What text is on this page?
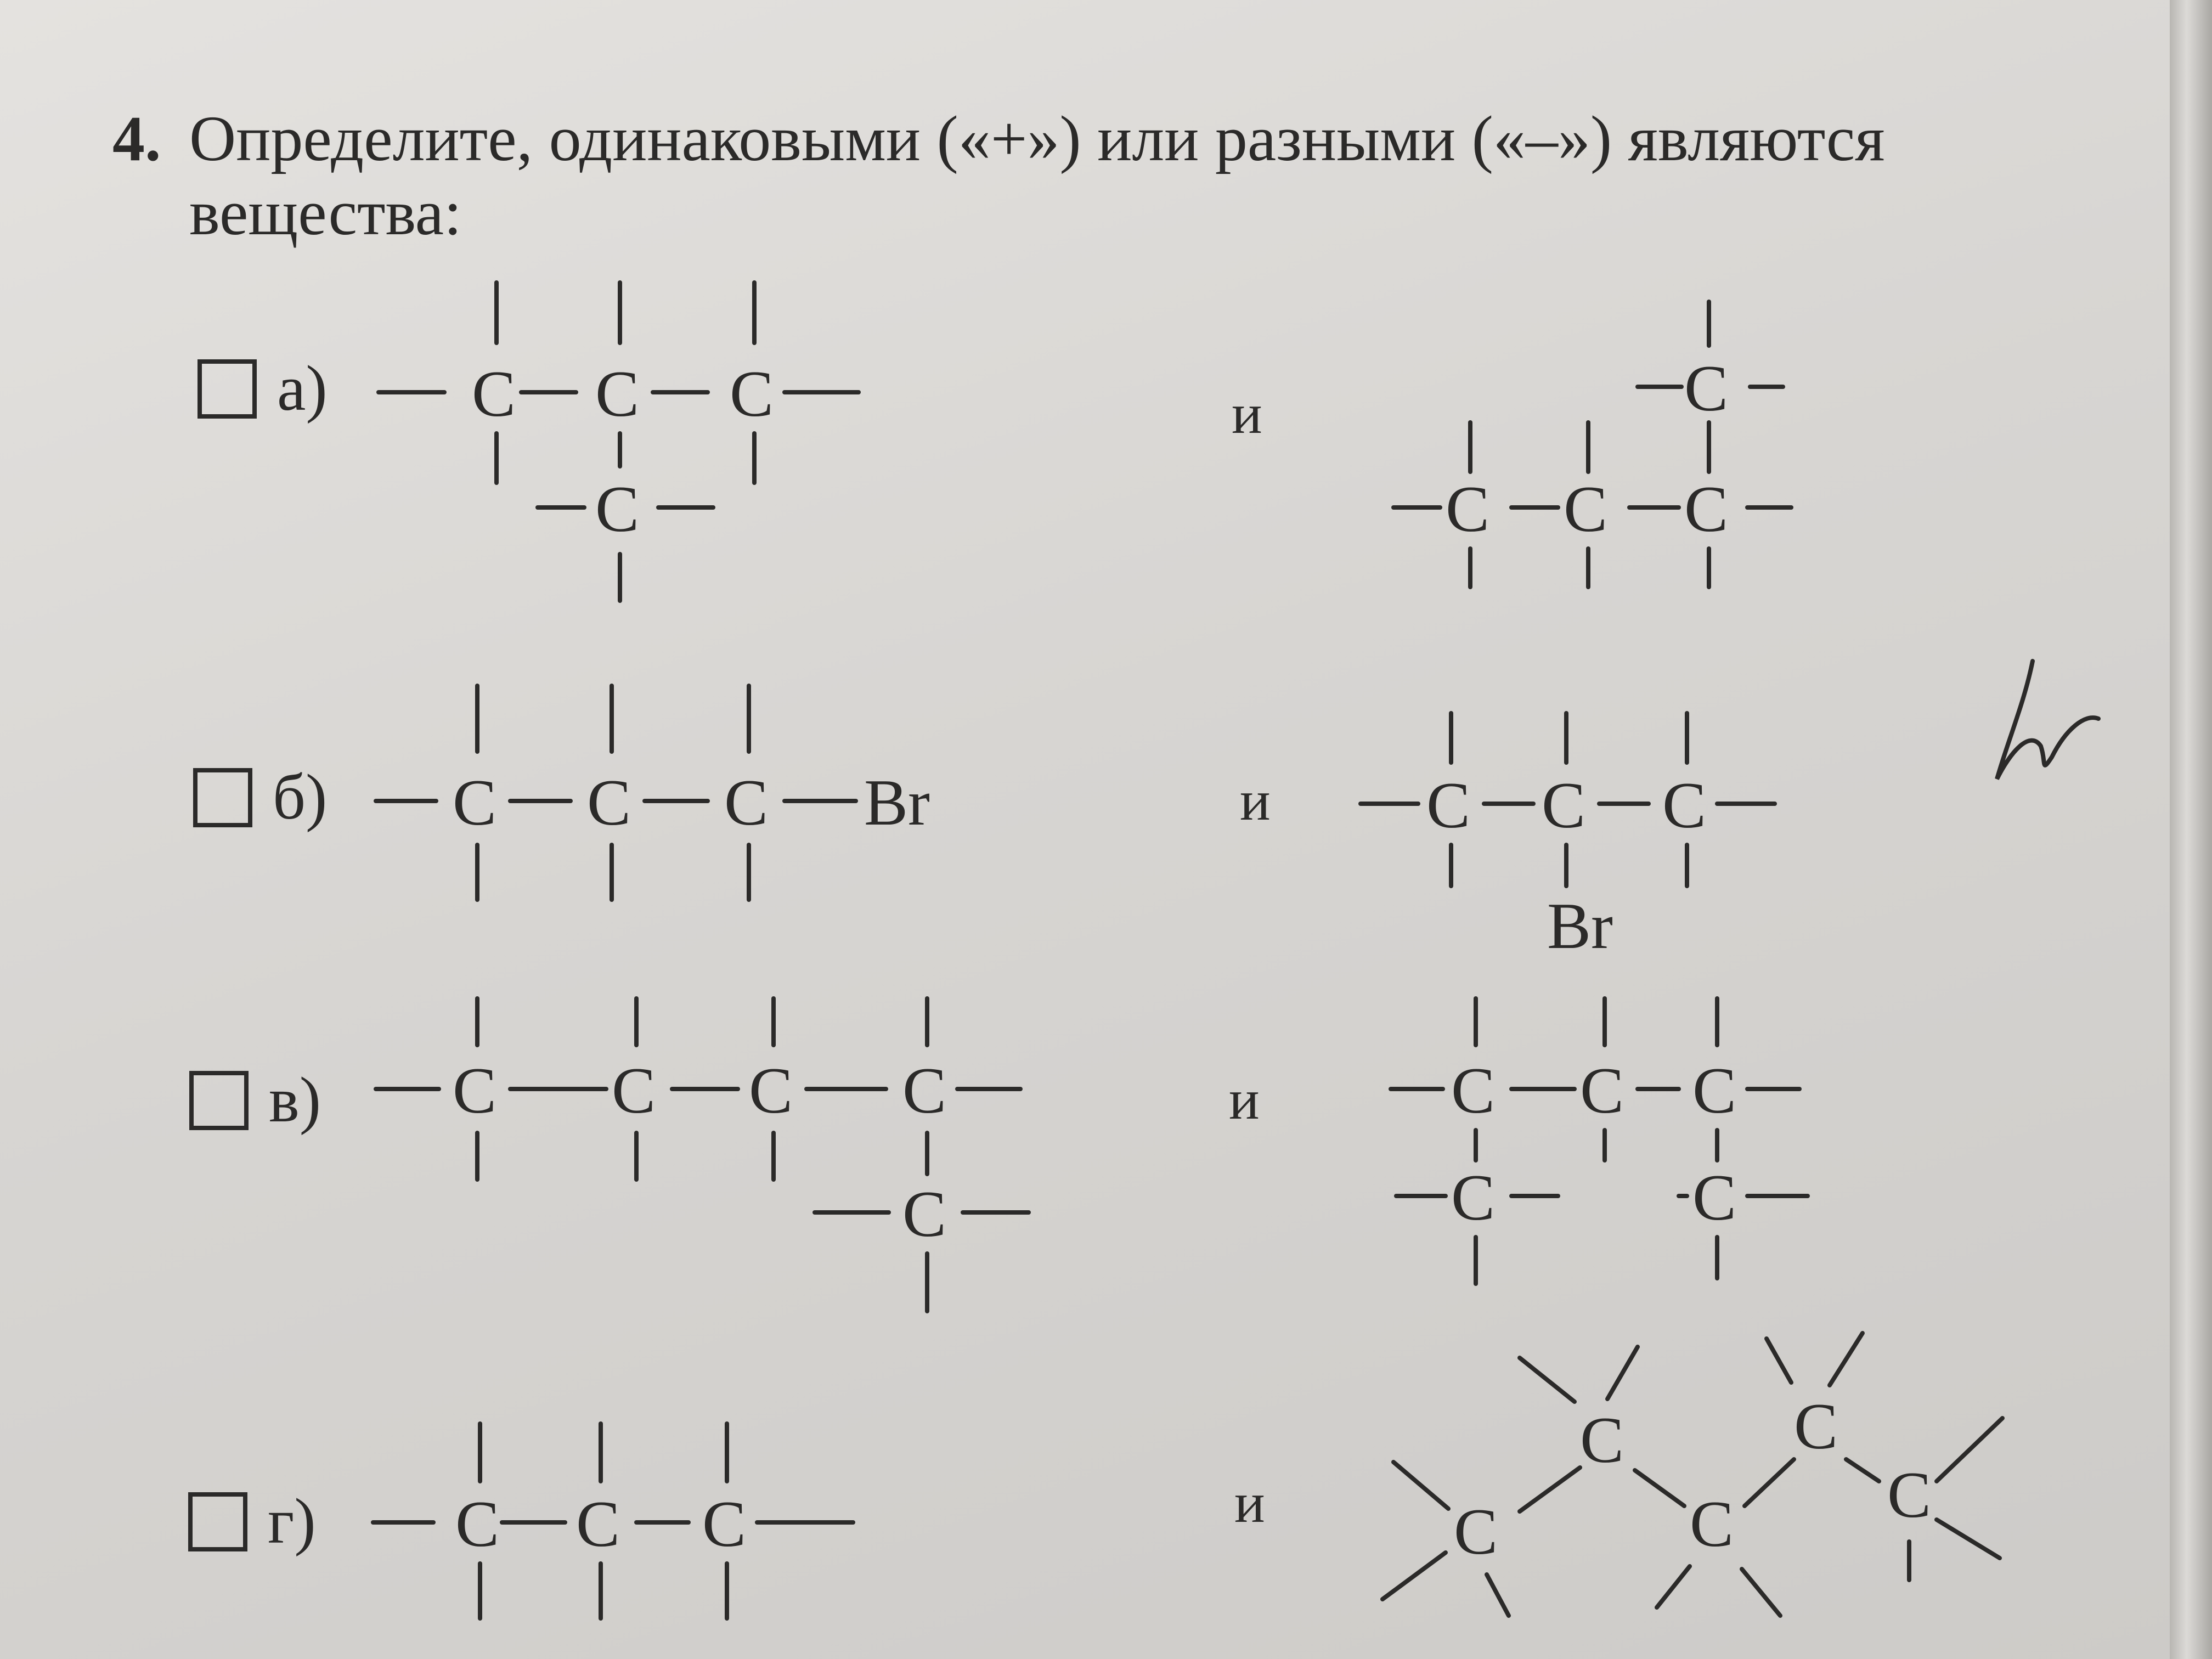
4. Определите, одинаковыми («+») или разными («–») являются
вещества:
а)	и
б)	и
в)	и
г)	и
C C C
C
C
C C C
C C C Br	C C C
Br
C C C C
C
C C C
C	C
C C C	C
C
C
C
C
